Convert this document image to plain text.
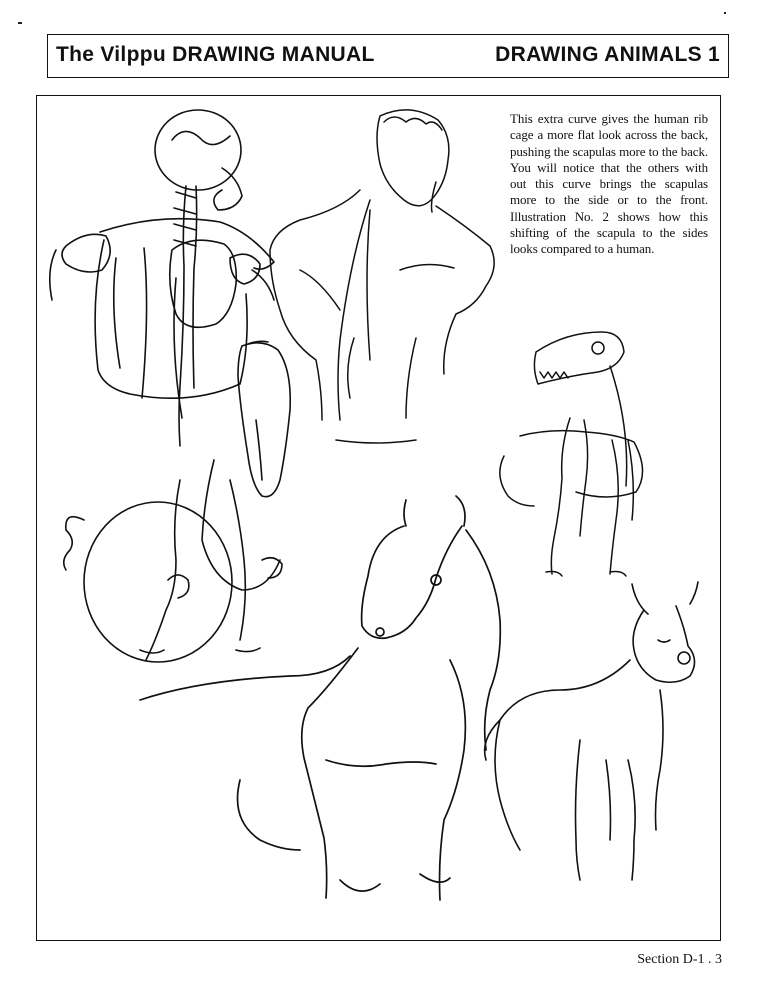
The Vilppu DRAWING MANUAL	DRAWING ANIMALS 1

This extra curve gives the human rib cage a more flat look across the back, pushing the scapulas more to the back. You will notice that the others with out this curve brings the scapulas more to the side or to the front. Illustration No. 2 shows how this shifting of the scapula to the sides looks compared to a human.

Section D-1 . 3
